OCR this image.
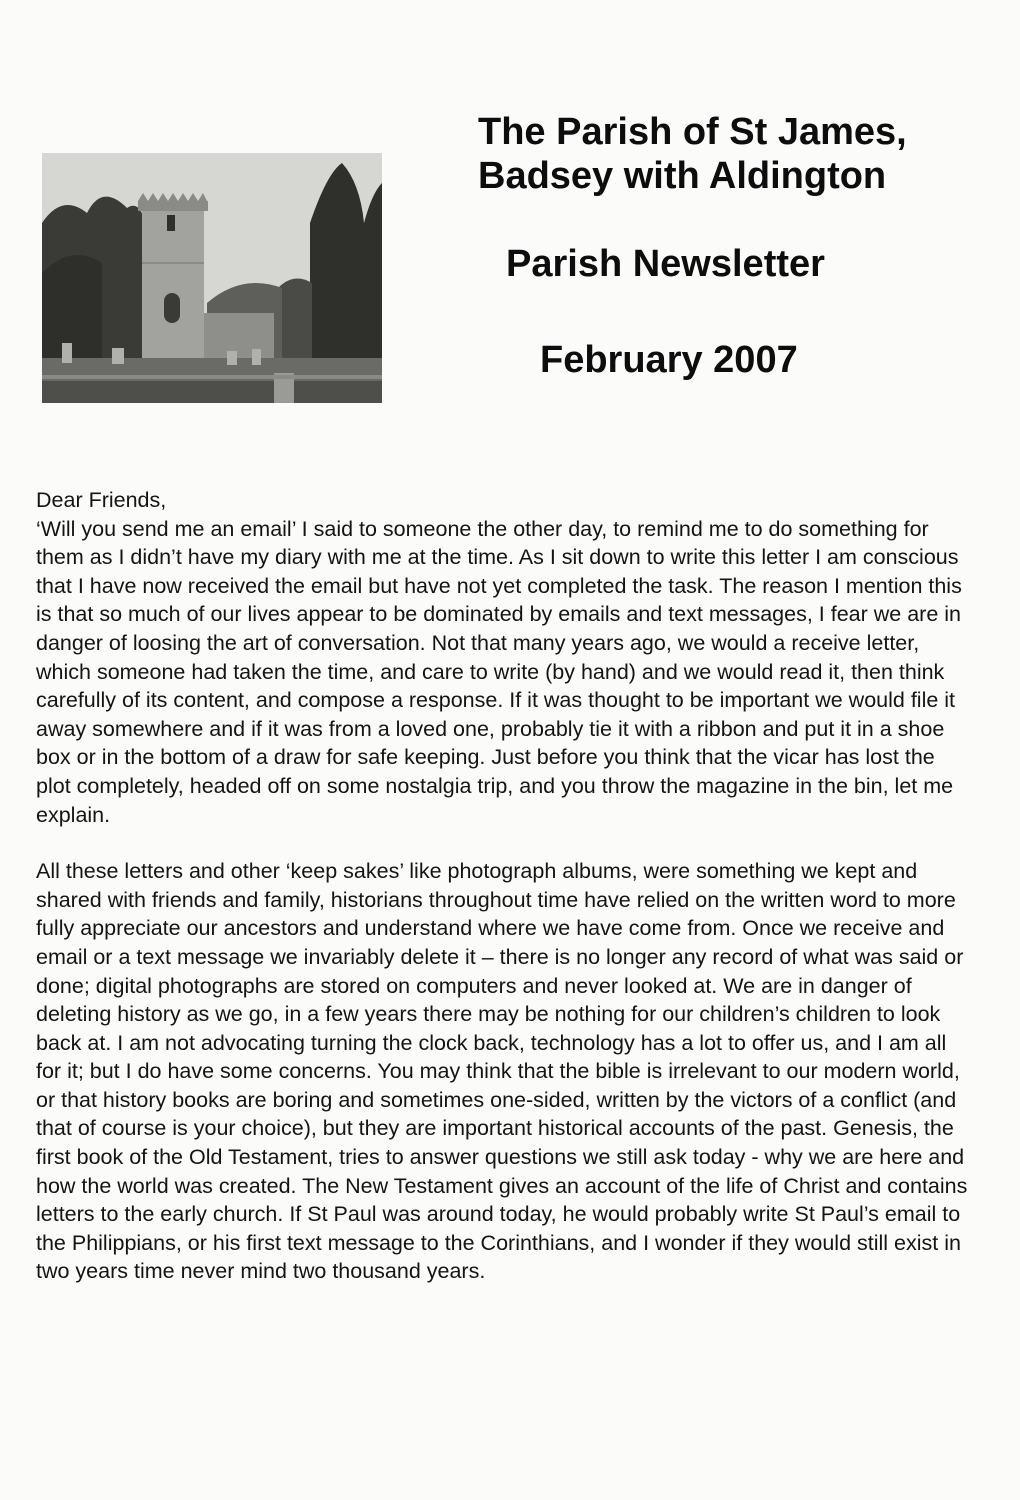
The Parish of St James,
Badsey with Aldington
Parish Newsletter
February 2007

Dear Friends,

‘Will you send me an email’ I said to someone the other day, to remind me to do something for them as I didn’t have my diary with me at the time. As I sit down to write this letter I am conscious that I have now received the email but have not yet completed the task. The reason I mention this is that so much of our lives appear to be dominated by emails and text messages, I fear we are in danger of loosing the art of conversation. Not that many years ago, we would a receive letter, which someone had taken the time, and care to write (by hand) and we would read it, then think carefully of its content, and compose a response. If it was thought to be important we would file it away somewhere and if it was from a loved one, probably tie it with a ribbon and put it in a shoe box or in the bottom of a draw for safe keeping. Just before you think that the vicar has lost the plot completely, headed off on some nostalgia trip, and you throw the magazine in the bin, let me explain.

All these letters and other ‘keep sakes’ like photograph albums, were something we kept and shared with friends and family, historians throughout time have relied on the written word to more fully appreciate our ancestors and understand where we have come from. Once we receive and email or a text message we invariably delete it – there is no longer any record of what was said or done; digital photographs are stored on computers and never looked at. We are in danger of deleting history as we go, in a few years there may be nothing for our children’s children to look back at. I am not advocating turning the clock back, technology has a lot to offer us, and I am all for it; but I do have some concerns. You may think that the bible is irrelevant to our modern world, or that history books are boring and sometimes one-sided, written by the victors of a conflict (and that of course is your choice), but they are important historical accounts of the past. Genesis, the first book of the Old Testament, tries to answer questions we still ask today - why we are here and how the world was created. The New Testament gives an account of the life of Christ and contains letters to the early church. If St Paul was around today, he would probably write St Paul’s email to the Philippians, or his first text message to the Corinthians, and I wonder if they would still exist in two years time never mind two thousand years.
